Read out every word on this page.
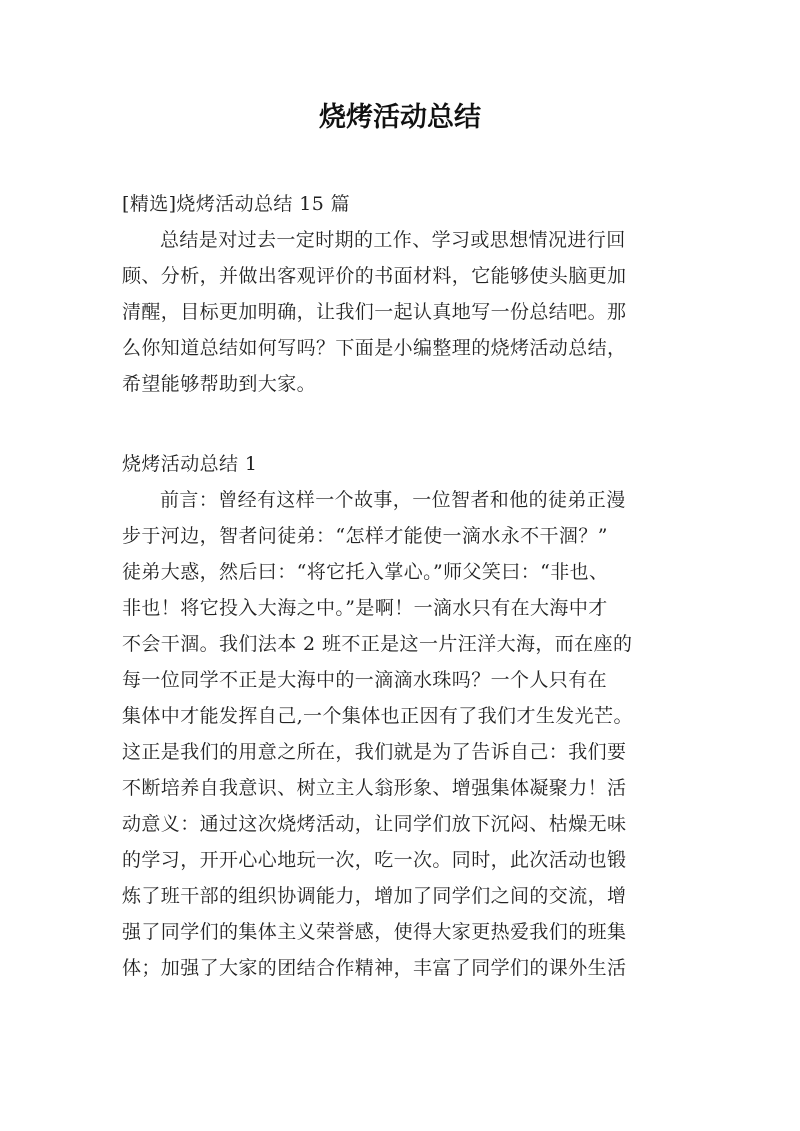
烧烤活动总结
[精选]烧烤活动总结 15 篇
总结是对过去一定时期的工作、学习或思想情况进行回
顾、分析，并做出客观评价的书面材料，它能够使头脑更加
清醒，目标更加明确，让我们一起认真地写一份总结吧。那
么你知道总结如何写吗？下面是小编整理的烧烤活动总结，
希望能够帮助到大家。
烧烤活动总结 1
前言：曾经有这样一个故事，一位智者和他的徒弟正漫
步于河边，智者问徒弟：“怎样才能使一滴水永不干涸？”
徒弟大惑，然后曰：“将它托入掌心。”师父笑曰：“非也、
非也！将它投入大海之中。”是啊！一滴水只有在大海中才
不会干涸。我们法本 2 班不正是这一片汪洋大海，而在座的
每一位同学不正是大海中的一滴滴水珠吗？一个人只有在
集体中才能发挥自己,一个集体也正因有了我们才生发光芒。
这正是我们的用意之所在，我们就是为了告诉自己：我们要
不断培养自我意识、树立主人翁形象、增强集体凝聚力！活
动意义：通过这次烧烤活动，让同学们放下沉闷、枯燥无味
的学习，开开心心地玩一次，吃一次。同时，此次活动也锻
炼了班干部的组织协调能力，增加了同学们之间的交流，增
强了同学们的集体主义荣誉感，使得大家更热爱我们的班集
体；加强了大家的团结合作精神，丰富了同学们的课外生活
